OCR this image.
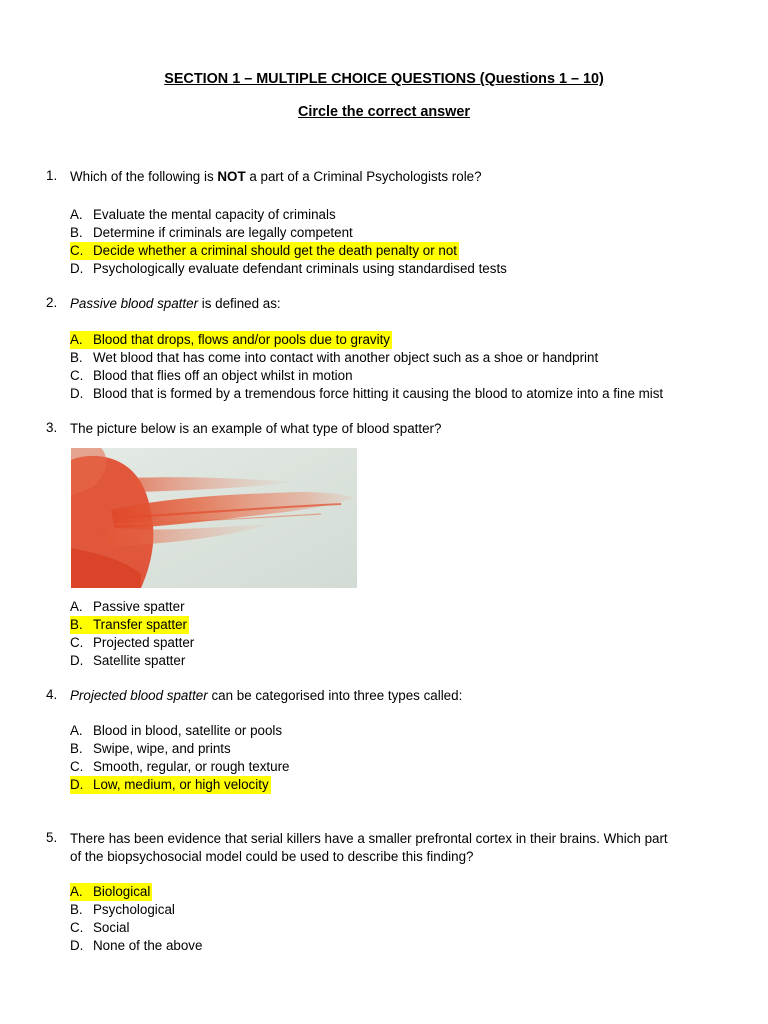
SECTION 1 – MULTIPLE CHOICE QUESTIONS (Questions 1 – 10)
Circle the correct answer
1. Which of the following is NOT a part of a Criminal Psychologists role?
A. Evaluate the mental capacity of criminals
B. Determine if criminals are legally competent
C. Decide whether a criminal should get the death penalty or not
D. Psychologically evaluate defendant criminals using standardised tests
2. Passive blood spatter is defined as:
A. Blood that drops, flows and/or pools due to gravity
B. Wet blood that has come into contact with another object such as a shoe or handprint
C. Blood that flies off an object whilst in motion
D. Blood that is formed by a tremendous force hitting it causing the blood to atomize into a fine mist
3. The picture below is an example of what type of blood spatter?
A. Passive spatter
B. Transfer spatter
C. Projected spatter
D. Satellite spatter
4. Projected blood spatter can be categorised into three types called:
A. Blood in blood, satellite or pools
B. Swipe, wipe, and prints
C. Smooth, regular, or rough texture
D. Low, medium, or high velocity
5. There has been evidence that serial killers have a smaller prefrontal cortex in their brains. Which part
of the biopsychosocial model could be used to describe this finding?
A. Biological
B. Psychological
C. Social
D. None of the above
